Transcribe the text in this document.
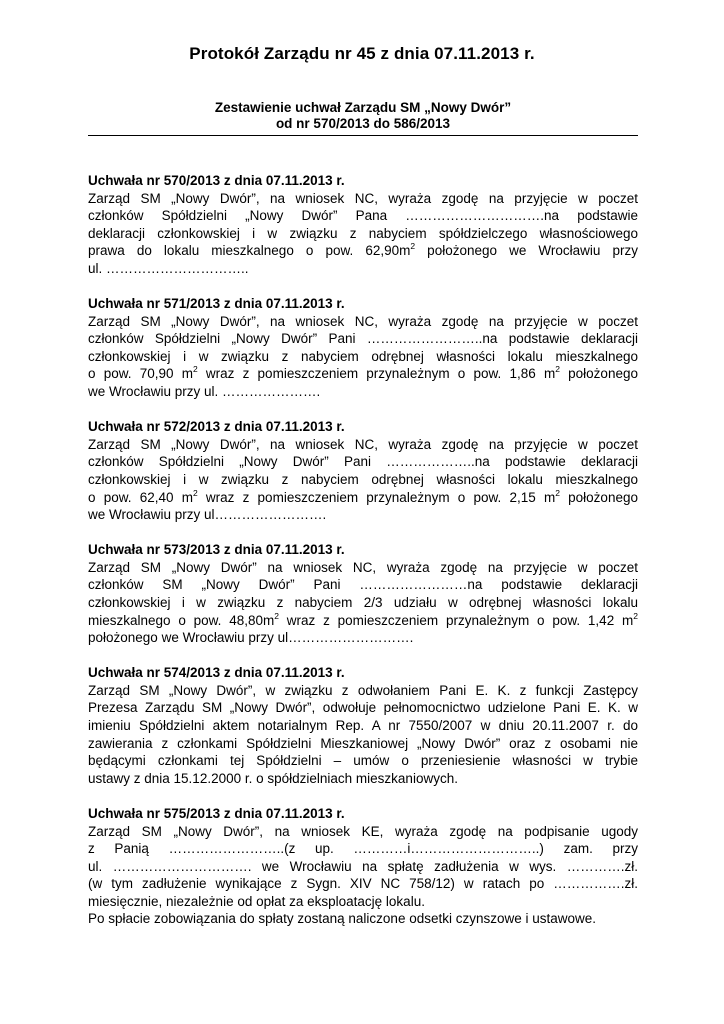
Protokół Zarządu nr 45 z dnia 07.11.2013 r.
Zestawienie uchwał Zarządu SM „Nowy Dwór”
od nr 570/2013 do 586/2013
Uchwała nr 570/2013 z dnia 07.11.2013 r.
Zarząd SM „Nowy Dwór”, na wniosek NC, wyraża zgodę na przyjęcie w poczet
członków Spółdzielni „Nowy Dwór” Pana ………………………….na podstawie
deklaracji członkowskiej i w związku z nabyciem spółdzielczego własnościowego
prawa do lokalu mieszkalnego o pow. $62,90m^2$ położonego we Wrocławiu przy
ul. …………………………..
Uchwała nr 571/2013 z dnia 07.11.2013 r.
Zarząd SM „Nowy Dwór”, na wniosek NC, wyraża zgodę na przyjęcie w poczet
członków Spółdzielni „Nowy Dwór” Pani ……………………..na podstawie deklaracji
członkowskiej i w związku z nabyciem odrębnej własności lokalu mieszkalnego
o pow. 70,90 $m^2$ wraz z pomieszczeniem przynależnym o pow. 1,86 $m^2$ położonego
we Wrocławiu przy ul. ………………….
Uchwała nr 572/2013 z dnia 07.11.2013 r.
Zarząd SM „Nowy Dwór”, na wniosek NC, wyraża zgodę na przyjęcie w poczet
członków Spółdzielni „Nowy Dwór” Pani ………………..na podstawie deklaracji
członkowskiej i w związku z nabyciem odrębnej własności lokalu mieszkalnego
o pow. 62,40 $m^2$ wraz z pomieszczeniem przynależnym o pow. 2,15 $m^2$ położonego
we Wrocławiu przy ul…………………….
Uchwała nr 573/2013 z dnia 07.11.2013 r.
Zarząd SM „Nowy Dwór” na wniosek NC, wyraża zgodę na przyjęcie w poczet
członków SM „Nowy Dwór” Pani ……………………na podstawie deklaracji
członkowskiej i w związku z nabyciem 2/3 udziału w odrębnej własności lokalu
mieszkalnego o pow. $48,80m^2$ wraz z pomieszczeniem przynależnym o pow. 1,42 $m^2$
położonego we Wrocławiu przy ul……………………….
Uchwała nr 574/2013 z dnia 07.11.2013 r.
Zarząd SM „Nowy Dwór”, w związku z odwołaniem Pani E. K. z funkcji Zastępcy
Prezesa Zarządu SM „Nowy Dwór”, odwołuje pełnomocnictwo udzielone Pani E. K. w
imieniu Spółdzielni aktem notarialnym Rep. A nr 7550/2007 w dniu 20.11.2007 r. do
zawierania z członkami Spółdzielni Mieszkaniowej „Nowy Dwór” oraz z osobami nie
będącymi członkami tej Spółdzielni – umów o przeniesienie własności w trybie
ustawy z dnia 15.12.2000 r. o spółdzielniach mieszkaniowych.
Uchwała nr 575/2013 z dnia 07.11.2013 r.
Zarząd SM „Nowy Dwór”, na wniosek KE, wyraża zgodę na podpisanie ugody
z Panią ……………………..(z up. …………i………………………..) zam. przy
ul. …………………………. we Wrocławiu na spłatę zadłużenia w wys. ………….zł.
(w tym zadłużenie wynikające z Sygn. XIV NC 758/12) w ratach po …………….zł.
miesięcznie, niezależnie od opłat za eksploatację lokalu.
Po spłacie zobowiązania do spłaty zostaną naliczone odsetki czynszowe i ustawowe.
